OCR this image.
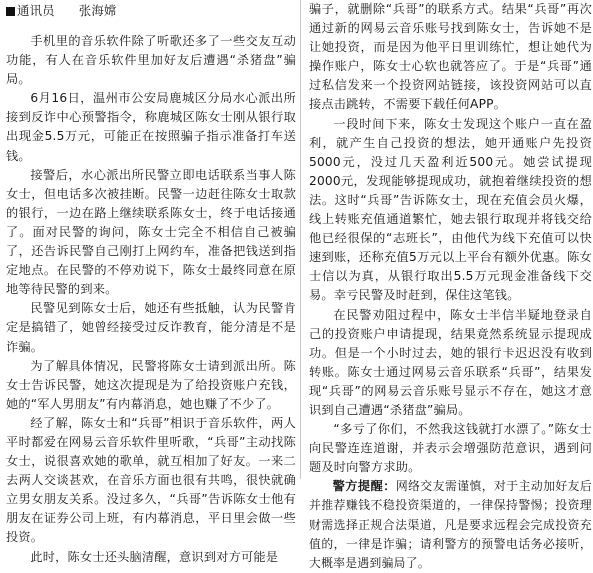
通讯员 张海嫦

手机里的音乐软件除了听歌还多了一些交友互动功能，有人在音乐软件里加好友后遭遇“杀猪盘”骗局。

6月16日，温州市公安局鹿城区分局水心派出所接到反诈中心预警指令，称鹿城区陈女士刚从银行取出现金5.5万元，可能正在按照骗子指示准备打车送钱。

接警后，水心派出所民警立即电话联系当事人陈女士，但电话多次被挂断。民警一边赶往陈女士取款的银行，一边在路上继续联系陈女士，终于电话接通了。面对民警的询问，陈女士完全不相信自己被骗了，还告诉民警自己刚打上网约车，准备把钱送到指定地点。在民警的不停劝说下，陈女士最终同意在原地等待民警的到来。

民警见到陈女士后，她还有些抵触，认为民警肯定是搞错了，她曾经接受过反诈教育，能分清是不是诈骗。

为了解具体情况，民警将陈女士请到派出所。陈女士告诉民警，她这次提现是为了给投资账户充钱，她的“军人男朋友”有内幕消息，她也赚了不少了。

经了解，陈女士和“兵哥”相识于音乐软件，两人平时都爱在网易云音乐软件里听歌，“兵哥”主动找陈女士，说很喜欢她的歌单，就互相加了好友。一来二去两人交谈甚欢，在音乐方面也很有共鸣，很快就确立男女朋友关系。没过多久，“兵哥”告诉陈女士他有朋友在证券公司上班，有内幕消息，平日里会做一些投资。

此时，陈女士还头脑清醒，意识到对方可能是

骗子，就删除“兵哥”的联系方式。结果“兵哥”再次通过新的网易云音乐账号找到陈女士，告诉她不是让她投资，而是因为他平日里训练忙，想让她代为操作账户，陈女士心软也就答应了。于是“兵哥”通过私信发来一个投资网站链接，该投资网站可以直接点击跳转，不需要下载任何APP。

一段时间下来，陈女士发现这个账户一直在盈利，就产生自己投资的想法，她开通账户先投资5000元，没过几天盈利近500元。她尝试提现2000元，发现能够提现成功，就抱着继续投资的想法。这时“兵哥”告诉陈女士，现在充值会员火爆，线上转账充值通道繁忙，她去银行取现并将钱交给他已经很保的“志班长”，由他代为线下充值可以快速到账，还称充值5万元以上平台有额外优惠。陈女士信以为真，从银行取出5.5万元现金准备线下交易。幸亏民警及时赶到，保住这笔钱。

在民警劝阻过程中，陈女士半信半疑地登录自己的投资账户申请提现，结果竟然系统显示提现成功。但是一个小时过去，她的银行卡迟迟没有收到转账。陈女士通过网易云音乐联系“兵哥”，结果发现“兵哥”的网易云音乐账号显示不存在，她这才意识到自己遭遇“杀猪盘”骗局。

“多亏了你们，不然我这钱就打水漂了。”陈女士向民警连连道谢，并表示会增强防范意识，遇到问题及时向警方求助。

警方提醒：网络交友需谨慎，对于主动加好友后并推荐赚钱不稳投资渠道的，一律保持警惕；投资理财需选择正规合法渠道，凡是要求远程会完成投资充值的，一律是诈骗；请利警方的预警电话务必接听，大概率是遇到骗局了。
